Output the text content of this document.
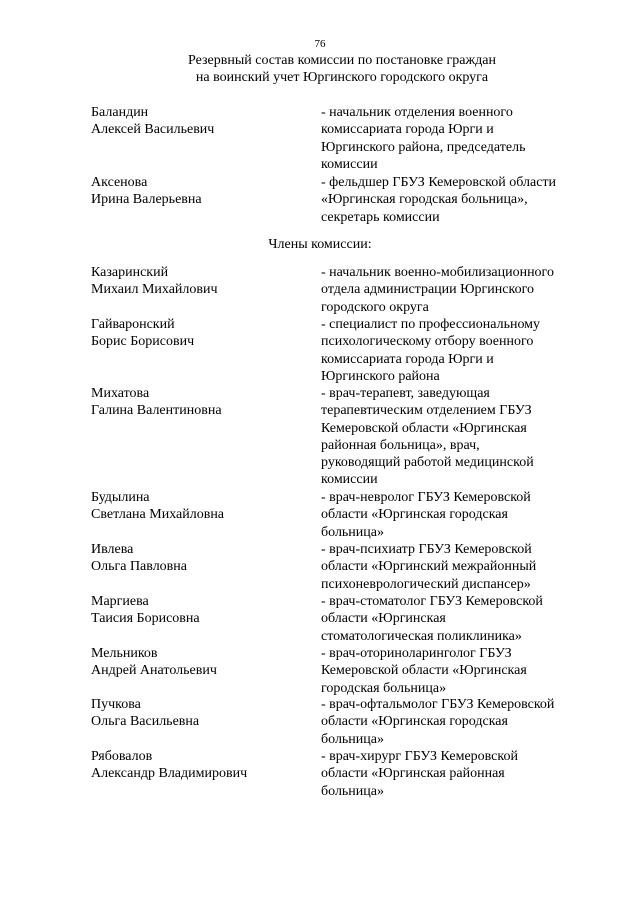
76
Резервный состав комиссии по постановке граждан
на воинский учет Юргинского городского округа
Баландин
Алексей Васильевич
- начальник отделения военного
комиссариата города Юрги и
Юргинского района, председатель
комиссии
Аксенова
Ирина Валерьевна
- фельдшер ГБУЗ Кемеровской области
«Юргинская городская больница»,
секретарь комиссии
Члены комиссии:
Казаринский
Михаил Михайлович
- начальник военно-мобилизационного
отдела администрации Юргинского
городского округа
Гайваронский
Борис Борисович
- специалист по профессиональному
психологическому отбору военного
комиссариата города Юрги и
Юргинского района
Михатова
Галина Валентиновна
- врач-терапевт, заведующая
терапевтическим отделением ГБУЗ
Кемеровской области «Юргинская
районная больница», врач,
руководящий работой медицинской
комиссии
Будылина
Светлана Михайловна
- врач-невролог ГБУЗ Кемеровской
области «Юргинская городская
больница»
Ивлева
Ольга Павловна
- врач-психиатр ГБУЗ Кемеровской
области «Юргинский межрайонный
психоневрологический диспансер»
Маргиева
Таисия Борисовна
- врач-стоматолог ГБУЗ Кемеровской
области «Юргинская
стоматологическая поликлиника»
Мельников
Андрей Анатольевич
- врач-оториноларинголог ГБУЗ
Кемеровской области «Юргинская
городская больница»
Пучкова
Ольга Васильевна
- врач-офтальмолог ГБУЗ Кемеровской
области «Юргинская городская
больница»
Рябовалов
Александр Владимирович
- врач-хирург ГБУЗ Кемеровской
области «Юргинская районная
больница»
